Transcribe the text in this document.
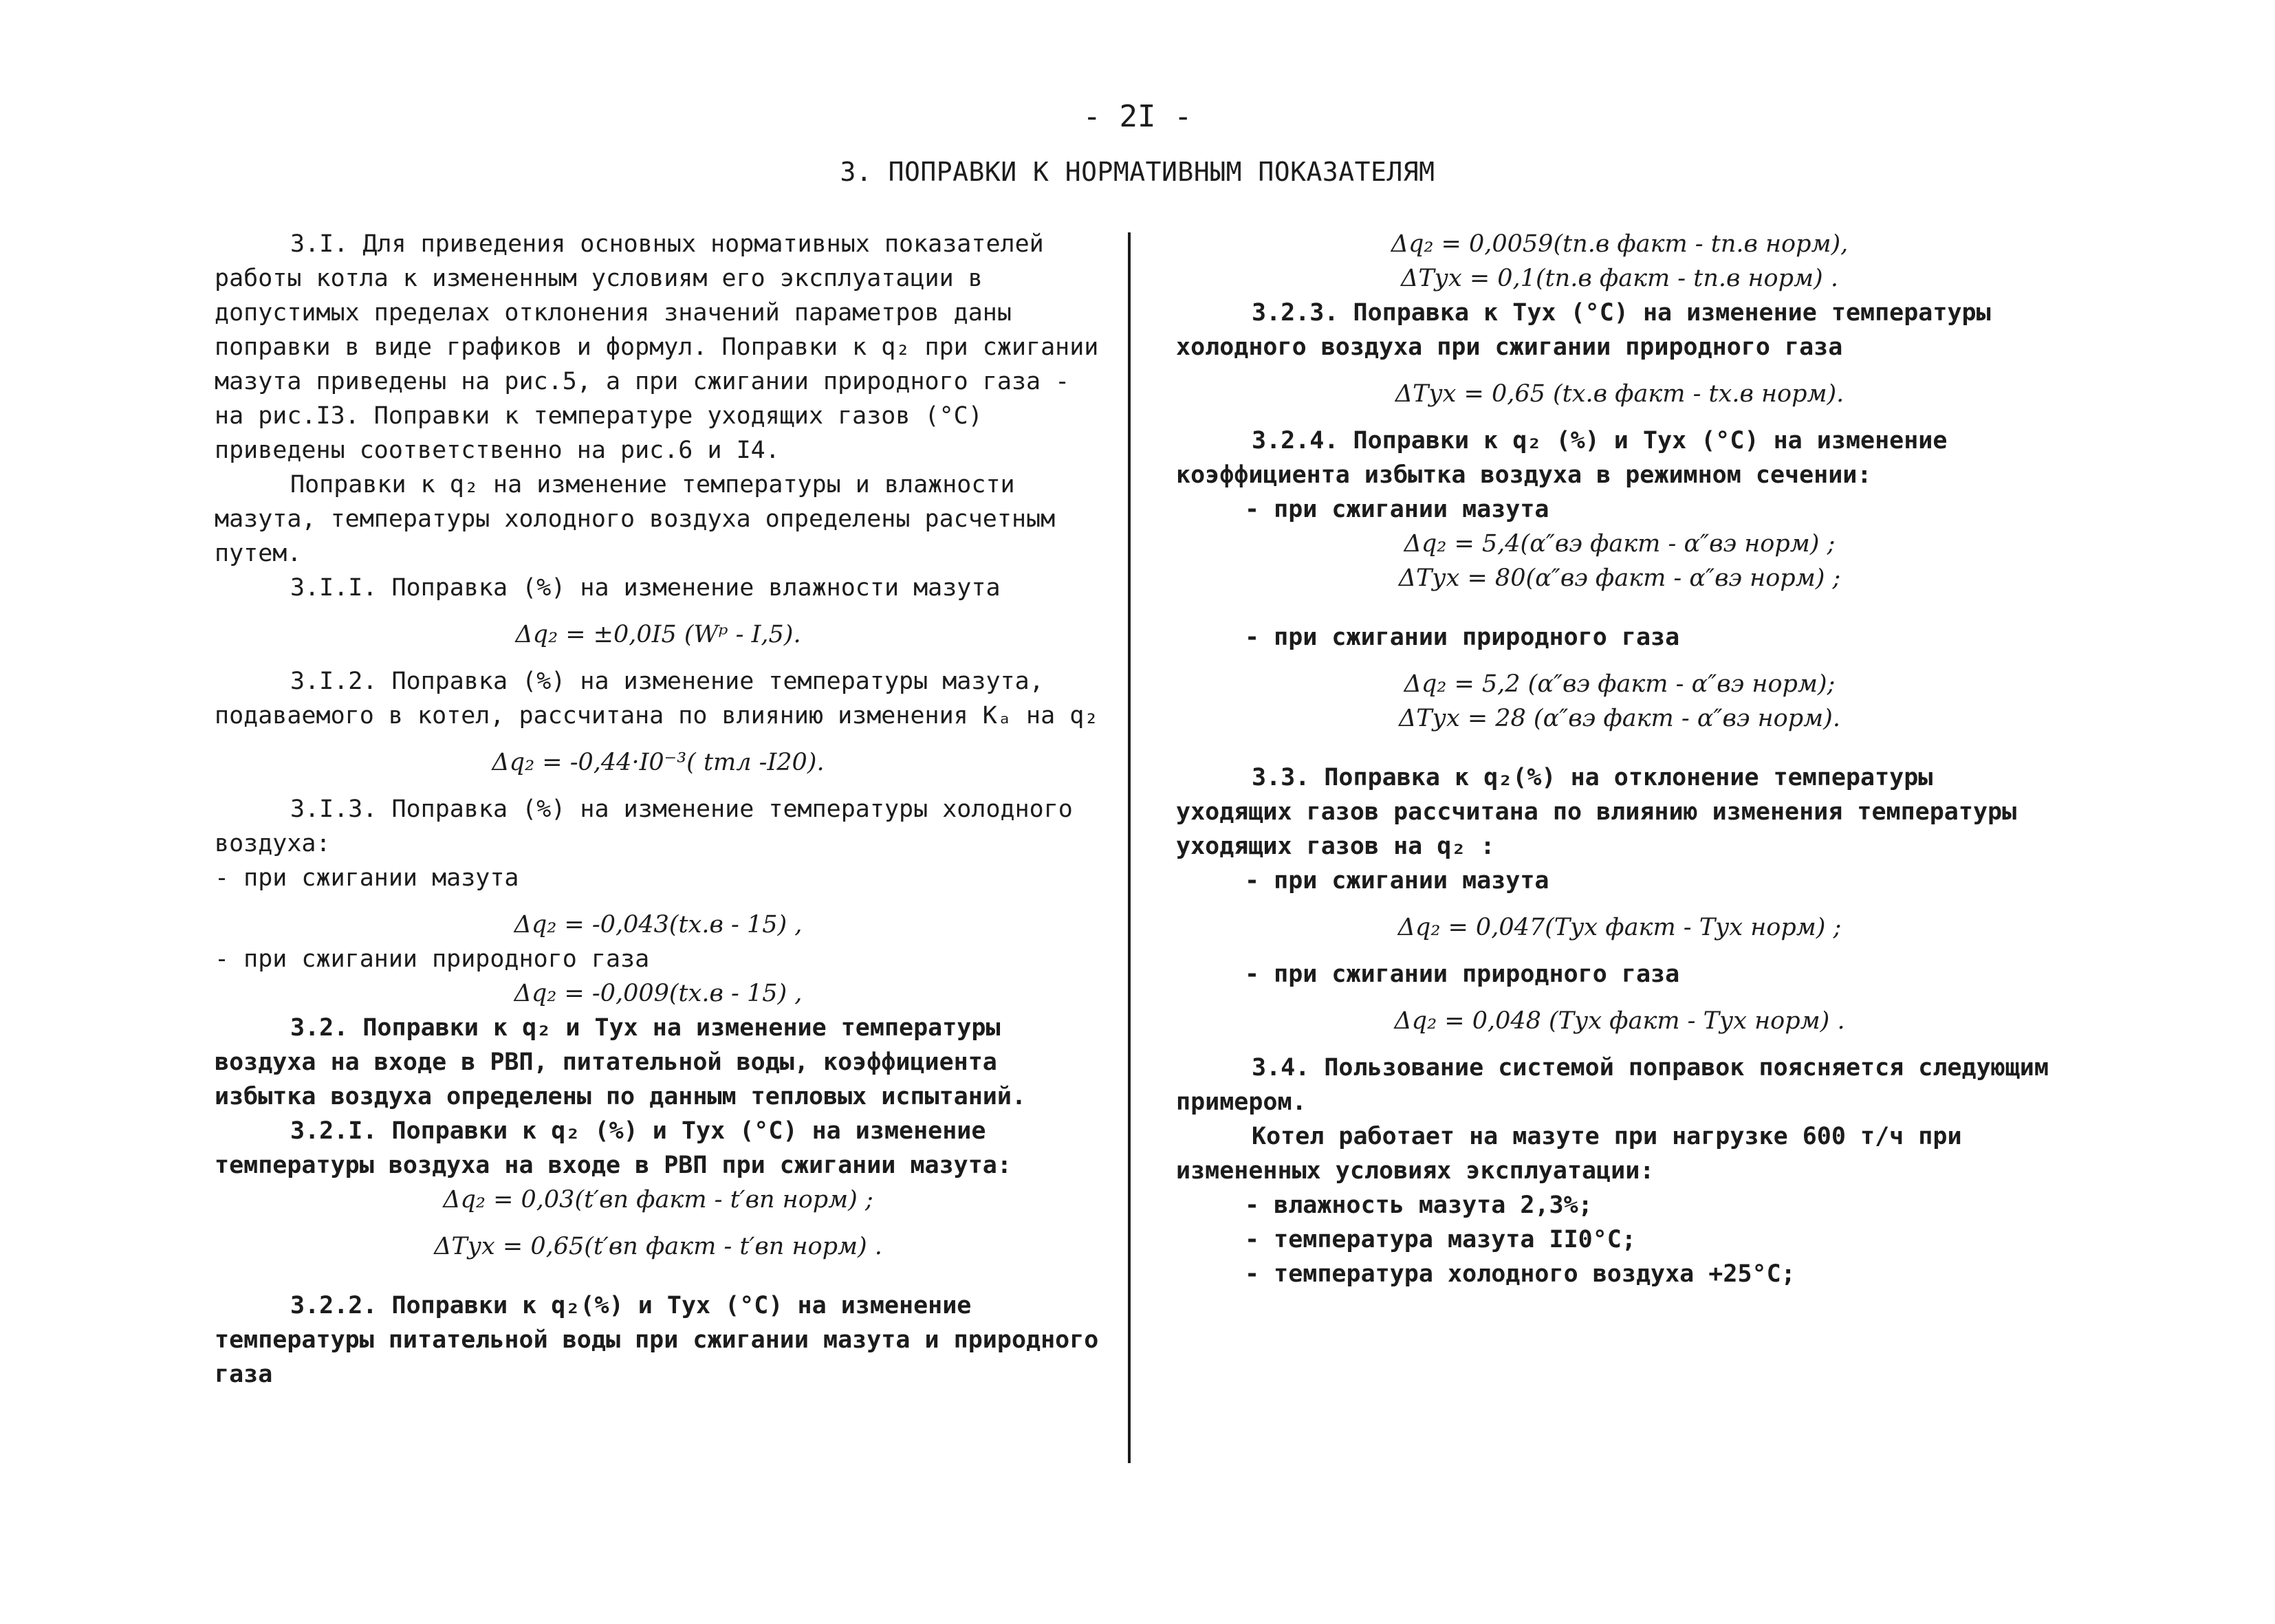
- 2I -
3. ПОПРАВКИ К НОРМАТИВНЫМ ПОКАЗАТЕЛЯМ

3.I. Для приведения основных нормативных показателей работы котла к измененным условиям его эксплуатации в допустимых пределах отклонения значений параметров даны поправки в виде графиков и формул. Поправки к q₂ при сжигании мазута приведены на рис.5, а при сжигании природного газа - на рис.I3. Поправки к температуре уходящих газов (°С) приведены соответственно на рис.6 и I4.

Поправки к q₂ на изменение температуры и влажности мазута, температуры холодного воздуха определены расчетным путем.

3.I.I. Поправка (%) на изменение влажности мазута

Δq₂ = ±0,0I5 (Wᵖ - I,5).

3.I.2. Поправка (%) на изменение температуры мазута, подаваемого в котел, рассчитана по влиянию изменения Kₐ на q₂

Δq₂ = -0,44·I0⁻³( tтл -I20).

3.I.3. Поправка (%) на изменение температуры холодного воздуха:

- при сжигании мазута

Δq₂ = -0,043(tх.в - 15) ,

- при сжигании природного газа

Δq₂ = -0,009(tх.в - 15) ,

3.2. Поправки к q₂ и Tух на изменение температуры воздуха на входе в РВП, питательной воды, коэффициента избытка воздуха определены по данным тепловых испытаний.

3.2.I. Поправки к q₂ (%) и Tух (°С) на изменение температуры воздуха на входе в РВП при сжигании мазута:

Δq₂ = 0,03(t′вп факт - t′вп норм) ;

ΔTух = 0,65(t′вп факт - t′вп норм) .

3.2.2. Поправки к q₂(%) и Tух (°С) на изменение температуры питательной воды при сжигании мазута и природного газа

Δq₂ = 0,0059(tп.в факт - tп.в норм),

ΔTух = 0,1(tп.в факт - tп.в норм) .

3.2.3. Поправка к Tух (°С) на изменение температуры холодного воздуха при сжигании природного газа

ΔTух = 0,65 (tх.в факт - tх.в норм).

3.2.4. Поправки к q₂ (%) и Tух (°С) на изменение коэффициента избытка воздуха в режимном сечении:

- при сжигании мазута

Δq₂ = 5,4(α″вэ факт - α″вэ норм) ;

ΔTух = 80(α″вэ факт - α″вэ норм) ;

- при сжигании природного газа

Δq₂ = 5,2 (α″вэ факт - α″вэ норм);

ΔTух = 28 (α″вэ факт - α″вэ норм).

3.3. Поправка к q₂(%) на отклонение температуры уходящих газов рассчитана по влиянию изменения температуры уходящих газов на q₂ :

- при сжигании мазута

Δq₂ = 0,047(Tух факт - Tух норм) ;

- при сжигании природного газа

Δq₂ = 0,048 (Tух факт - Tух норм) .

3.4. Пользование системой поправок поясняется следующим примером.

Котел работает на мазуте при нагрузке 600 т/ч при измененных условиях эксплуатации:

- влажность мазута 2,3%;

- температура мазута II0°С;

- температура холодного воздуха +25°С;
